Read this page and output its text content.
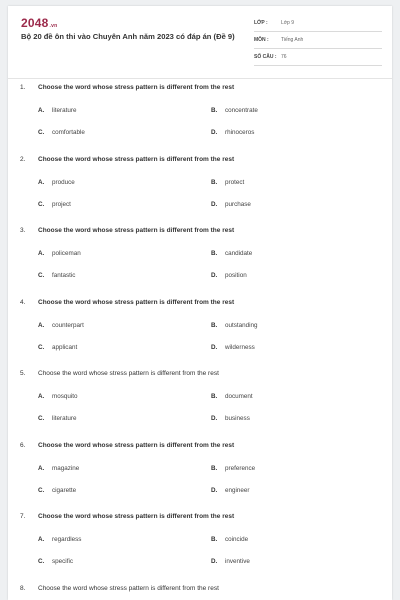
2048.vn
Bộ 20 đề ôn thi vào Chuyên Anh năm 2023 có đáp án (Đề 9)
LỚP :	Lớp 9
MÔN :	Tiếng Anh
SỐ CÂU : 76
1. Choose the word whose stress pattern is different from the rest
A. literature	B. concentrate
C. comfortable	D. rhinoceros
2. Choose the word whose stress pattern is different from the rest
A. produce	B. protect
C. project	D. purchase
3. Choose the word whose stress pattern is different from the rest
A. policeman	B. candidate
C. fantastic	D. position
4. Choose the word whose stress pattern is different from the rest
A. counterpart	B. outstanding
C. applicant	D. wilderness
5. Choose the word whose stress pattern is different from the rest
A. mosquito	B. document
C. literature	D. business
6. Choose the word whose stress pattern is different from the rest
A. magazine	B. preference
C. cigarette	D. engineer
7. Choose the word whose stress pattern is different from the rest
A. regardless	B. coincide
C. specific	D. inventive
8. Choose the word whose stress pattern is different from the rest
